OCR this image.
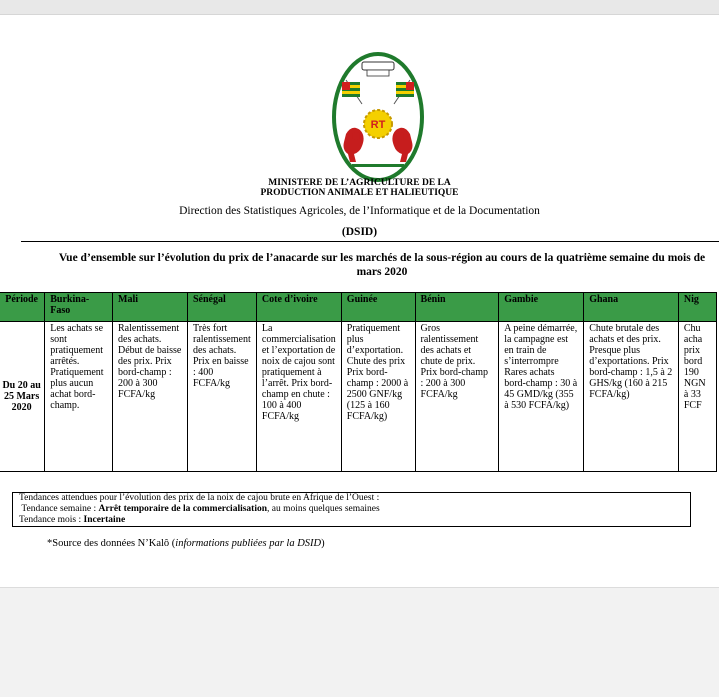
RT
MINISTERE DE L’AGRICULTURE DE LA
PRODUCTION ANIMALE ET HALIEUTIQUE
Direction des Statistiques Agricoles, de l’Informatique et de la Documentation
(DSID)
Vue d’ensemble sur l’évolution du prix de l’anacarde sur les marchés de la sous-région au cours de la quatrième semaine du mois de mars 2020
Période	Burkina-Faso	Mali	Sénégal	Cote d’ivoire	Guinée	Bénin	Gambie	Ghana	Nig
Du 20 au 25 Mars 2020	Les achats se sont pratiquement arrêtés. Pratiquement plus aucun achat bord-champ.	Ralentissement des achats. Début de baisse des prix. Prix bord-champ : 200 à 300 FCFA/kg	Très fort ralentissement des achats. Prix en baisse : 400 FCFA/kg	La commercialisation et l’exportation de noix de cajou sont pratiquement à l’arrêt. Prix bord-champ en chute : 100 à 400 FCFA/kg	Pratiquement plus d’exportation. Chute des prix Prix bord-champ : 2000 à 2500 GNF/kg (125 à 160 FCFA/kg)	Gros ralentissement des achats et chute de prix. Prix bord-champ : 200 à 300 FCFA/kg	A peine démarrée, la campagne est en train de s’interrompre Rares achats bord-champ : 30 à 45 GMD/kg (355 à 530 FCFA/kg)	Chute brutale des achats et des prix. Presque plus d’exportations. Prix bord-champ : 1,5 à 2 GHS/kg (160 à 215 FCFA/kg)	Chu acha prix bord 190 NGN à 33 FCF
Tendances attendues pour l’évolution des prix de la noix de cajou brute en Afrique de l’Ouest :
Tendance semaine : Arrêt temporaire de la commercialisation, au moins quelques semaines
Tendance mois : Incertaine
*Source des données N’Kalô (informations publiées par la DSID)
